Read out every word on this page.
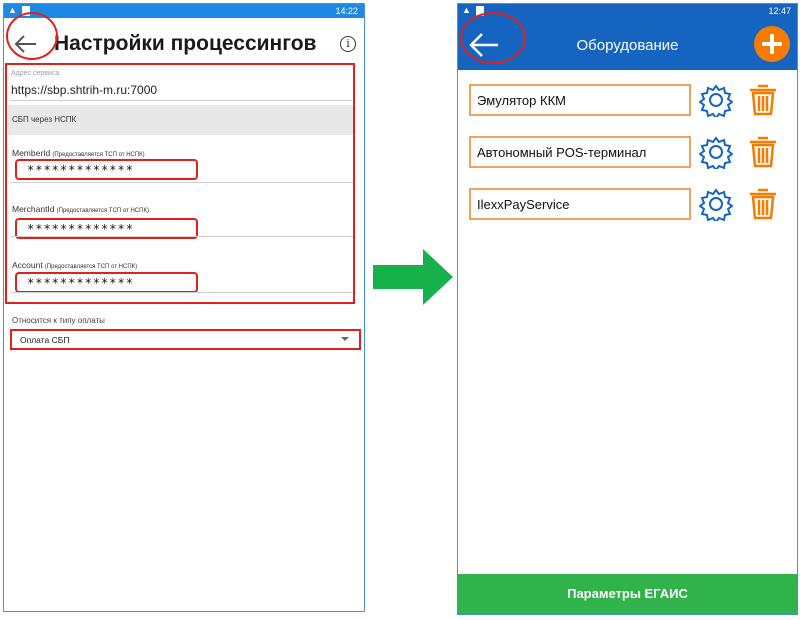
▲	14:22
Настройки процессингов	i
Адрес сервиса
https://sbp.shtrih-m.ru:7000
СБП через НСПК
MemberId (Предоставляется ТСП от НСПК)
*************
MerchantId (Предоставляется ТСП от НСПК)
*************
Account (Предоставляется ТСП от НСПК)
*************
Относится к типу оплаты
Оплата СБП
▲	12:47
Оборудование
Эмулятор ККМ
Автономный POS-терминал
IlexxPayService
Параметры ЕГАИС
